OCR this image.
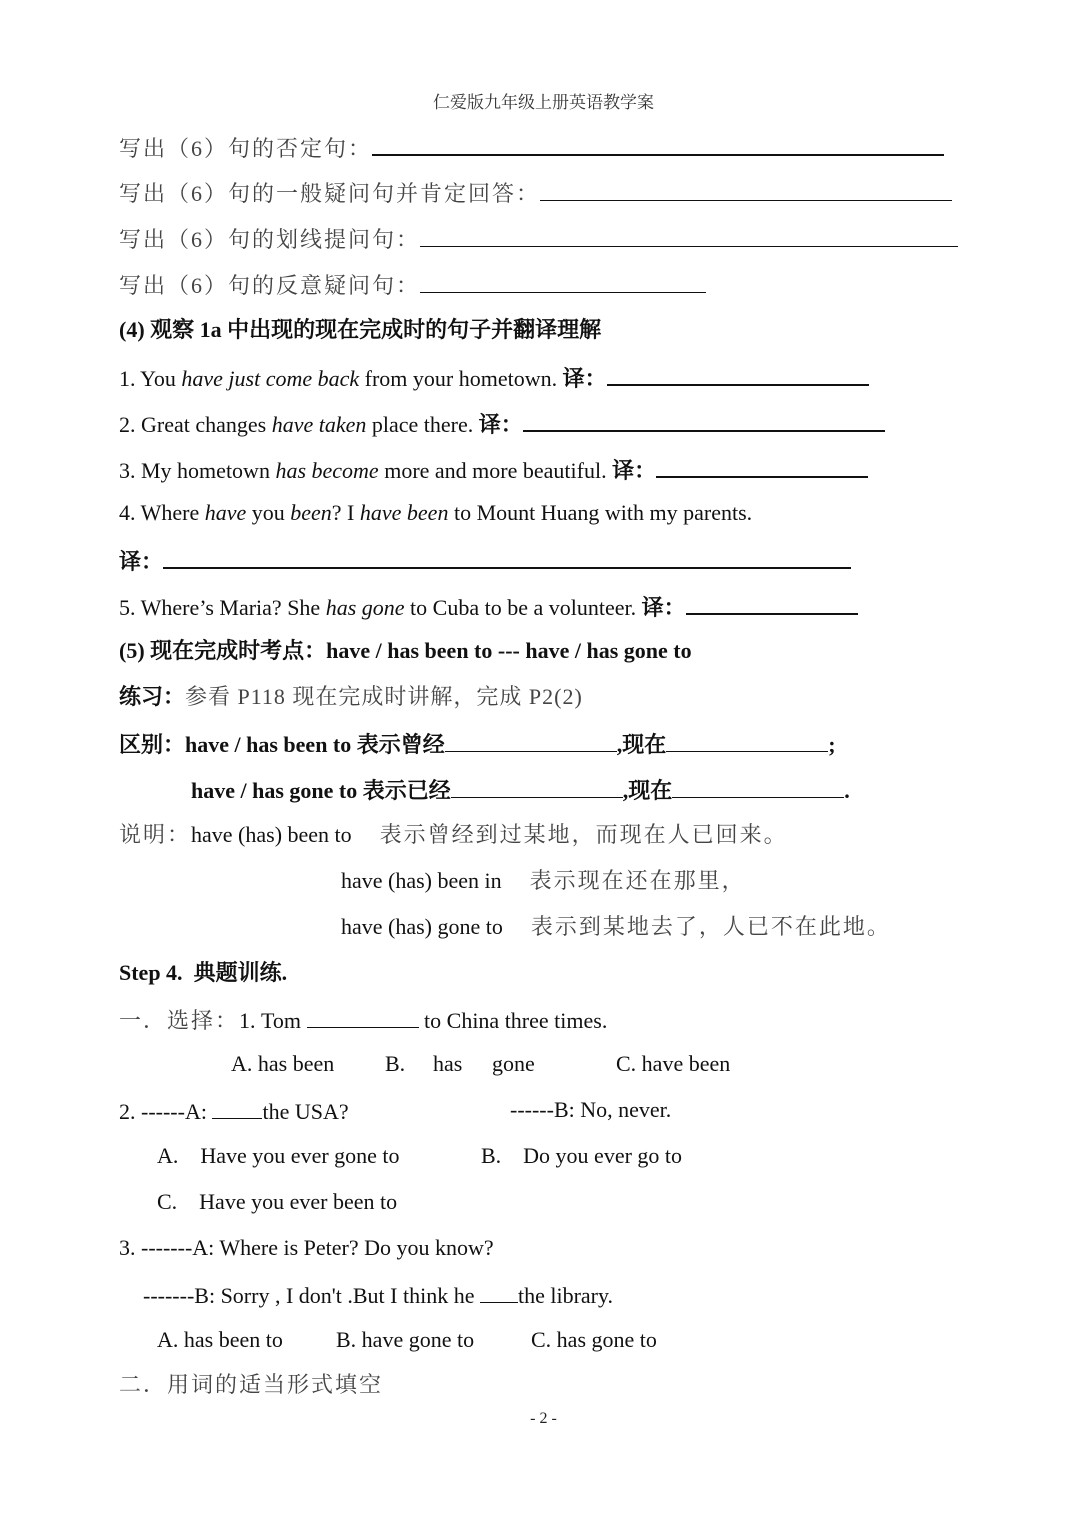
仁爱版九年级上册英语教学案
写出（6）句的否定句：
写出（6）句的一般疑问句并肯定回答：
写出（6）句的划线提问句：
写出（6）句的反意疑问句：
(4) 观察 1a 中出现的现在完成时的句子并翻译理解
1. You have just come back from your hometown. 译：
2. Great changes have taken place there. 译：
3. My hometown has become more and more beautiful. 译：
4. Where have you been? I have been to Mount Huang with my parents.
译：
5. Where’s Maria? She has gone to Cuba to be a volunteer. 译：
(5) 现在完成时考点：have / has been to --- have / has gone to
练习：参看 P118 现在完成时讲解，完成 P2(2)
区别：have / has been to 表示曾经	,现在	;
have / has gone to 表示已经	,现在	.
说明：have (has) been to 表示曾经到过某地，而现在人已回来。
have (has) been in 表示现在还在那里，
have (has) gone to 表示到某地去了，人已不在此地。
Step 4. 典题训练.
一．选择：1. Tom	to China three times.
A. has been B. has gone	C. have been
2. ------A: the USA?	------B: No, never.
A.    Have you ever gone to	B.    Do you ever go to
C.    Have you ever been to
3. -------A: Where is Peter? Do you know?
-------B: Sorry , I don't .But I think he the library.
A. has been to B. have gone to	C. has gone to
二．用词的适当形式填空
- 2 -
